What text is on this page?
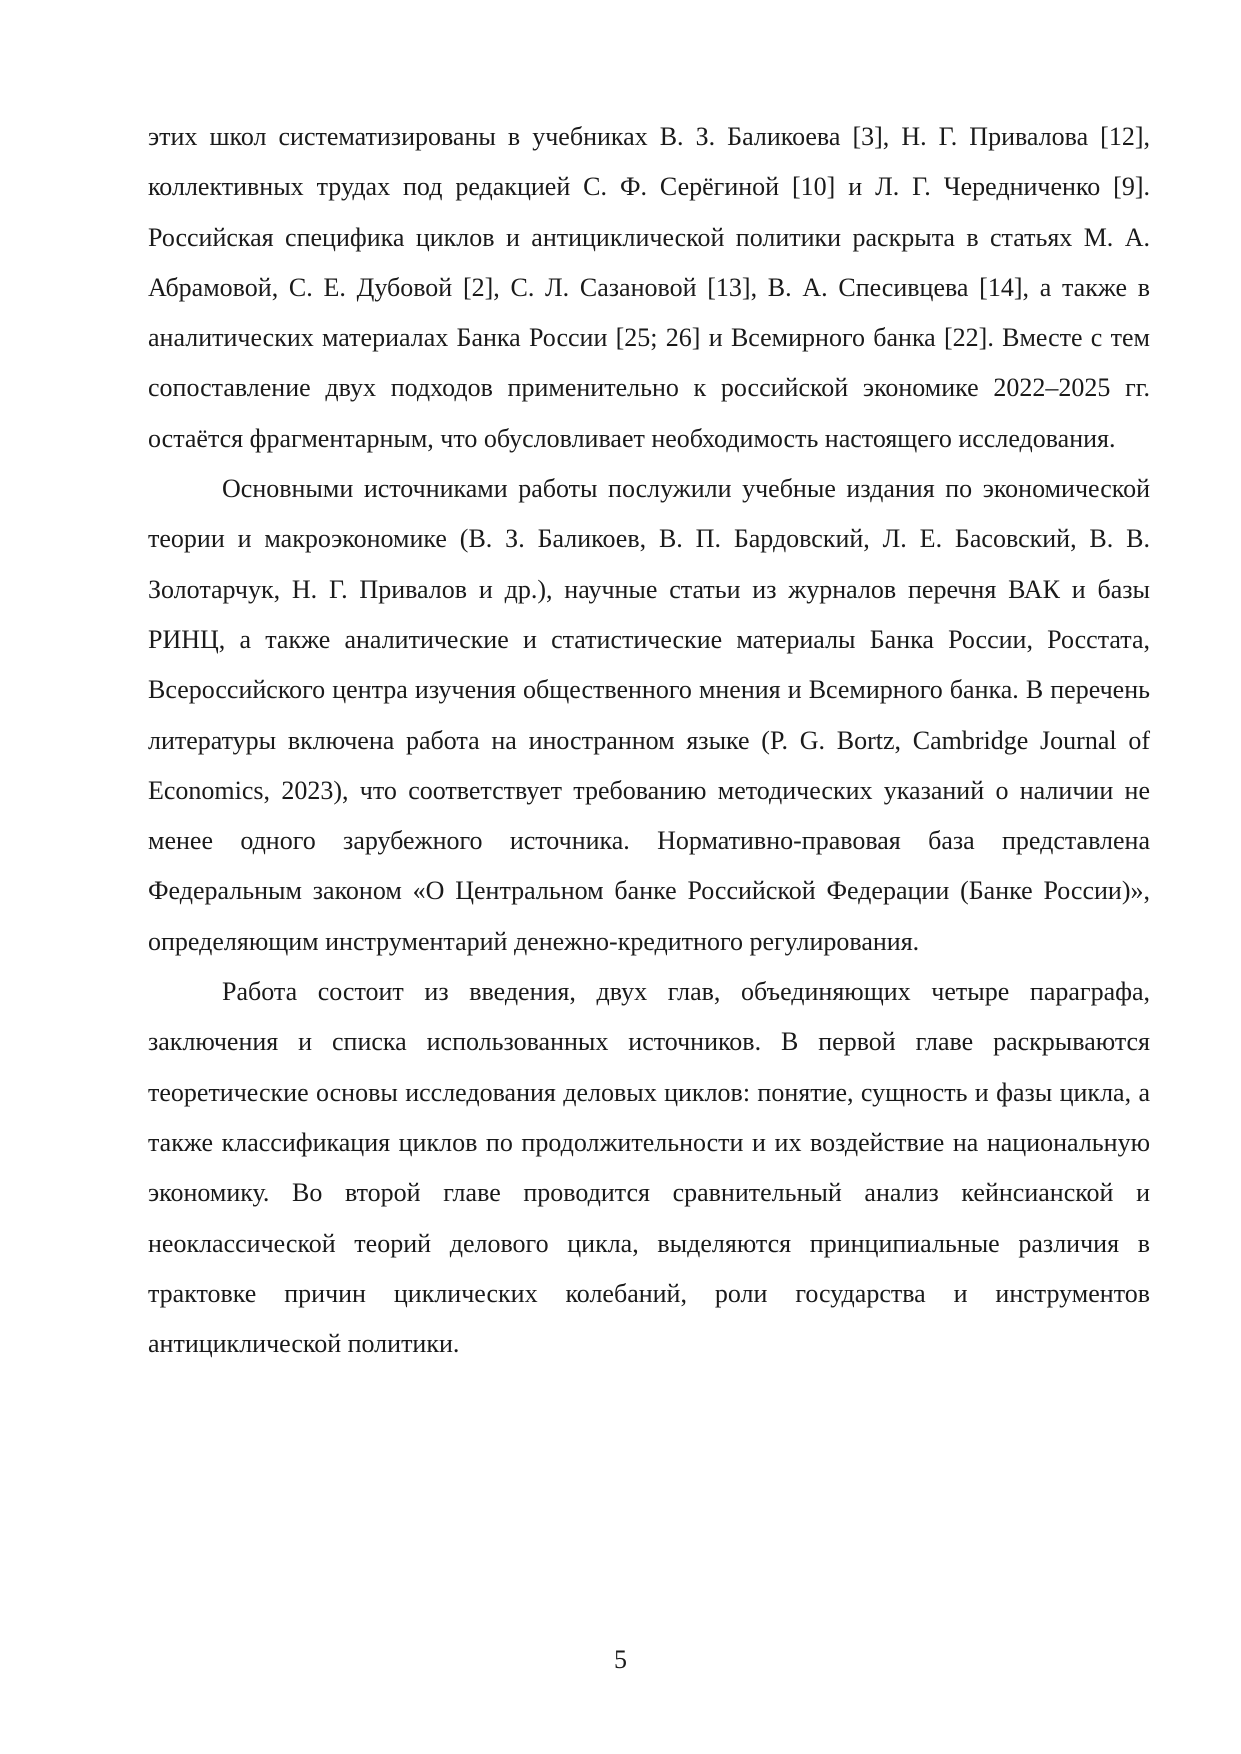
этих школ систематизированы в учебниках В. З. Баликоева [3], Н. Г. Привалова [12], коллективных трудах под редакцией С. Ф. Серёгиной [10] и Л. Г. Чередниченко [9]. Российская специфика циклов и антициклической политики раскрыта в статьях М. А. Абрамовой, С. Е. Дубовой [2], С. Л. Сазановой [13], В. А. Спесивцева [14], а также в аналитических материалах Банка России [25; 26] и Всемирного банка [22]. Вместе с тем сопоставление двух подходов применительно к российской экономике 2022–2025 гг. остаётся фрагментарным, что обусловливает необходимость настоящего исследования.

Основными источниками работы послужили учебные издания по экономической теории и макроэкономике (В. З. Баликоев, В. П. Бардовский, Л. Е. Басовский, В. В. Золотарчук, Н. Г. Привалов и др.), научные статьи из журналов перечня ВАК и базы РИНЦ, а также аналитические и статистические материалы Банка России, Росстата, Всероссийского центра изучения общественного мнения и Всемирного банка. В перечень литературы включена работа на иностранном языке (P. G. Bortz, Cambridge Journal of Economics, 2023), что соответствует требованию методических указаний о наличии не менее одного зарубежного источника. Нормативно-правовая база представлена Федеральным законом «О Центральном банке Российской Федерации (Банке России)», определяющим инструментарий денежно-кредитного регулирования.

Работа состоит из введения, двух глав, объединяющих четыре параграфа, заключения и списка использованных источников. В первой главе раскрываются теоретические основы исследования деловых циклов: понятие, сущность и фазы цикла, а также классификация циклов по продолжительности и их воздействие на национальную экономику. Во второй главе проводится сравнительный анализ кейнсианской и неоклассической теорий делового цикла, выделяются принципиальные различия в трактовке причин циклических колебаний, роли государства и инструментов антициклической политики.

5
